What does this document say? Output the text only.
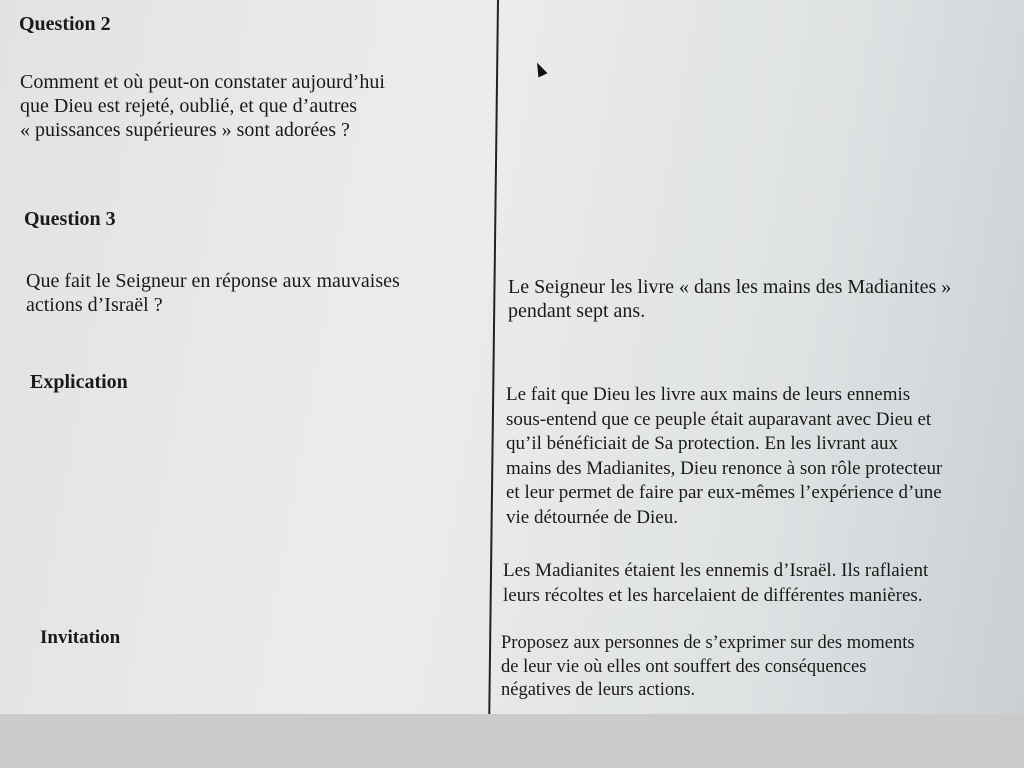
Question 2
Comment et où peut-on constater aujourd’hui
que Dieu est rejeté, oublié, et que d’autres
« puissances supérieures » sont adorées ?
Question 3
Que fait le Seigneur en réponse aux mauvaises
actions d’Israël ?
Le Seigneur les livre « dans les mains des Madianites »
pendant sept ans.
Explication
Le fait que Dieu les livre aux mains de leurs ennemis
sous-entend que ce peuple était auparavant avec Dieu et
qu’il bénéficiait de Sa protection. En les livrant aux
mains des Madianites, Dieu renonce à son rôle protecteur
et leur permet de faire par eux-mêmes l’expérience d’une
vie détournée de Dieu.
Les Madianites étaient les ennemis d’Israël. Ils raflaient
leurs récoltes et les harcelaient de différentes manières.
Invitation	Proposez aux personnes de s’exprimer sur des moments
de leur vie où elles ont souffert des conséquences
négatives de leurs actions.
